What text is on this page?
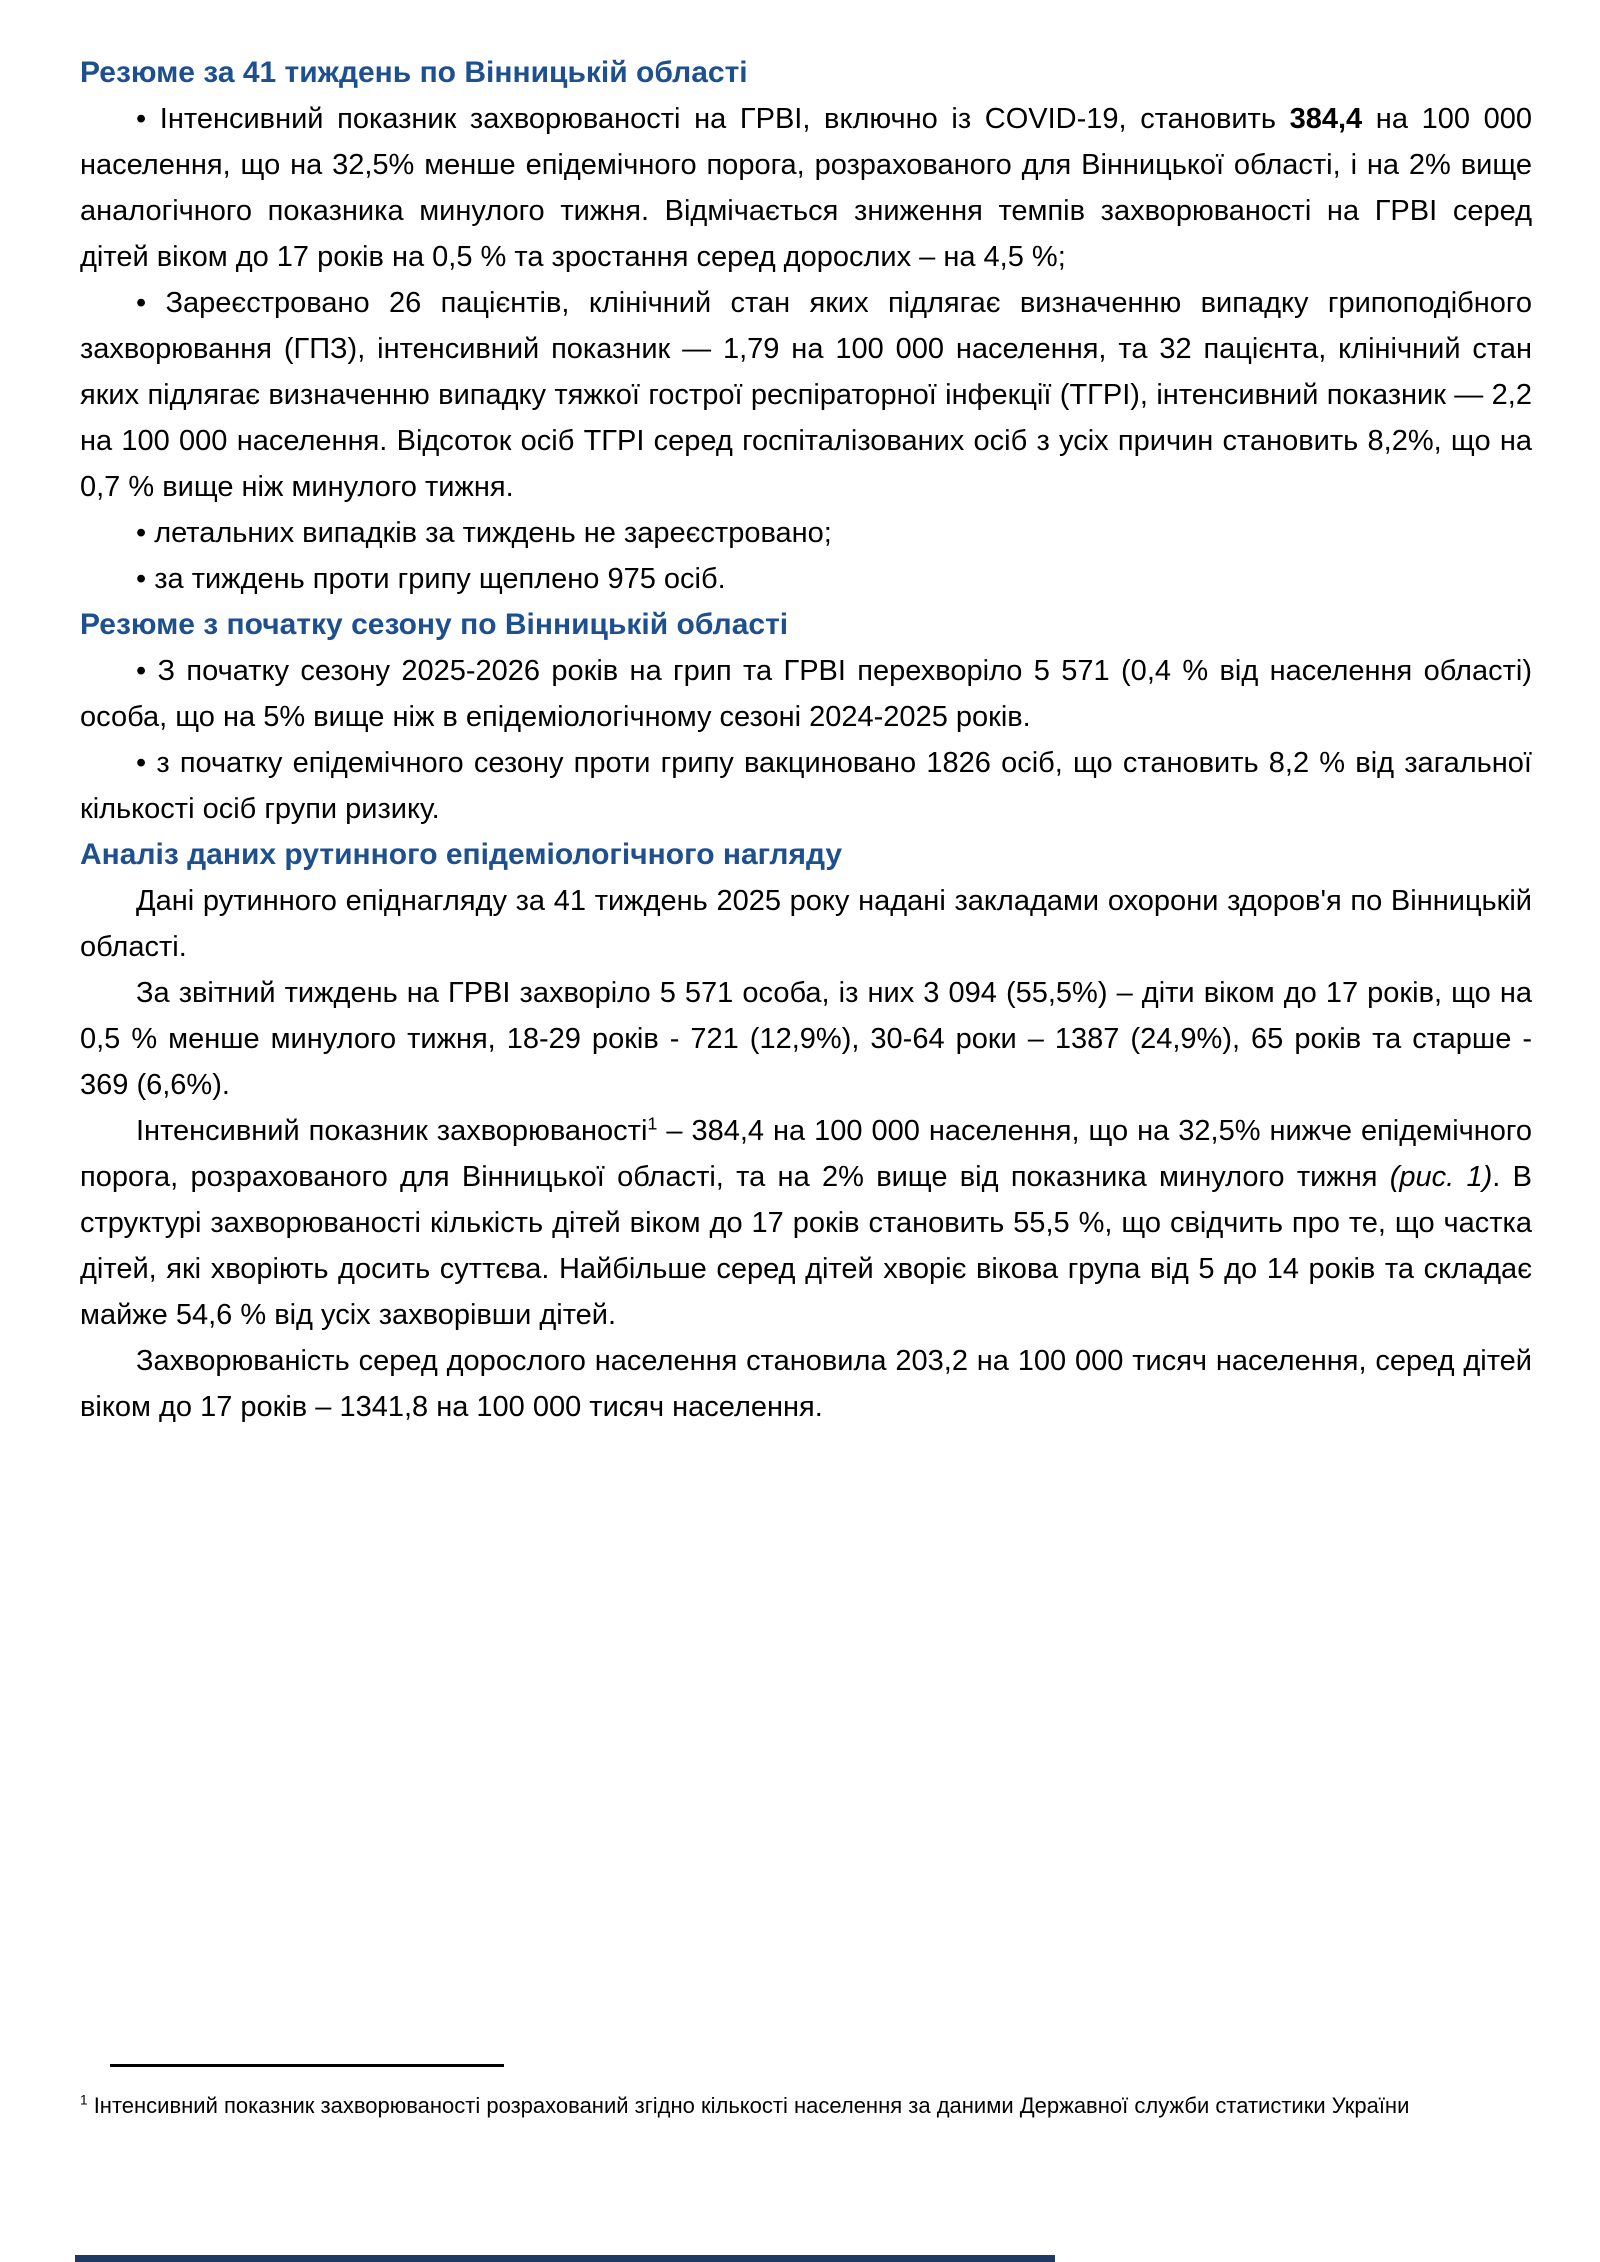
Резюме за 41 тиждень по Вінницькій області

• Інтенсивний показник захворюваності на ГРВІ, включно із COVID-19, становить 384,4 на 100 000 населення, що на 32,5% менше епідемічного порога, розрахованого для Вінницької області, і на 2% вище аналогічного показника минулого тижня. Відмічається зниження темпів захворюваності на ГРВІ серед дітей віком до 17 років на 0,5 % та зростання серед дорослих – на 4,5 %;

• Зареєстровано 26 пацієнтів, клінічний стан яких підлягає визначенню випадку грипоподібного захворювання (ГПЗ), інтенсивний показник — 1,79 на 100 000 населення, та 32 пацієнта, клінічний стан яких підлягає визначенню випадку тяжкої гострої респіраторної інфекції (ТГРІ), інтенсивний показник — 2,2 на 100 000 населення. Відсоток осіб ТГРІ серед госпіталізованих осіб з усіх причин становить 8,2%, що на 0,7 % вище ніж минулого тижня.

• летальних випадків за тиждень не зареєстровано;

• за тиждень проти грипу щеплено 975 осіб.

Резюме з початку сезону по Вінницькій області

• З початку сезону 2025-2026 років на грип та ГРВІ перехворіло 5 571 (0,4 % від населення області) особа, що на 5% вище ніж в епідеміологічному сезоні 2024-2025 років.

• з початку епідемічного сезону проти грипу вакциновано 1826 осіб, що становить 8,2 % від загальної кількості осіб групи ризику.

Аналіз даних рутинного епідеміологічного нагляду

Дані рутинного епіднагляду за 41 тиждень 2025 року надані закладами охорони здоров'я по Вінницькій області.

За звітний тиждень на ГРВІ захворіло 5 571 особа, із них 3 094 (55,5%) – діти віком до 17 років, що на 0,5 % менше минулого тижня, 18-29 років - 721 (12,9%), 30-64 роки – 1387 (24,9%), 65 років та старше - 369 (6,6%).

Інтенсивний показник захворюваності$^1$ – 384,4 на 100 000 населення, що на 32,5% нижче епідемічного порога, розрахованого для Вінницької області, та на 2% вище від показника минулого тижня (рис. 1). В структурі захворюваності кількість дітей віком до 17 років становить 55,5 %, що свідчить про те, що частка дітей, які хворіють досить суттєва. Найбільше серед дітей хворіє вікова група від 5 до 14 років та складає майже 54,6 % від усіх захворівши дітей.

Захворюваність серед дорослого населення становила 203,2 на 100 000 тисяч населення, серед дітей віком до 17 років – 1341,8 на 100 000 тисяч населення.

$^1$ Інтенсивний показник захворюваності розрахований згідно кількості населення за даними Державної служби статистики України
